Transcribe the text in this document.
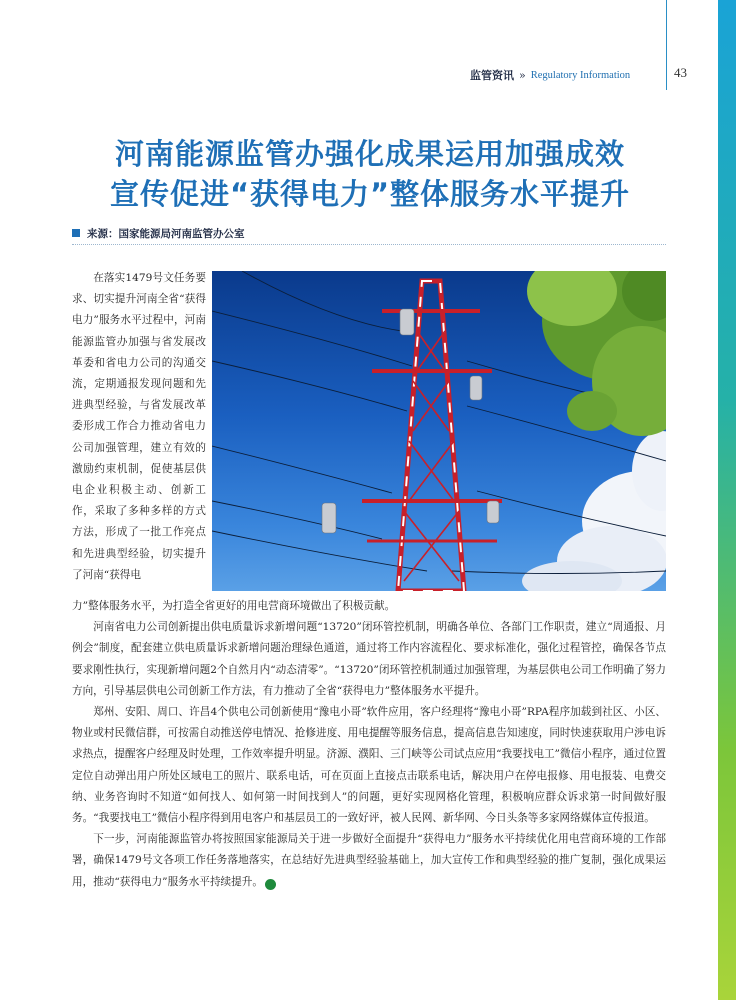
监管资讯 » Regulatory Information	43
河南能源监管办强化成果运用加强成效
宣传促进“获得电力”整体服务水平提升
来源：国家能源局河南监管办公室

在落实1479号文任务要求、切实提升河南全省“获得电力”服务水平过程中，河南能源监管办加强与省发展改革委和省电力公司的沟通交流，定期通报发现问题和先进典型经验，与省发展改革委形成工作合力推动省电力公司加强管理，建立有效的激励约束机制，促使基层供电企业积极主动、创新工作，采取了多种多样的方式方法，形成了一批工作亮点和先进典型经验，切实提升了河南“获得电

力”整体服务水平，为打造全省更好的用电营商环境做出了积极贡献。

河南省电力公司创新提出供电质量诉求新增问题“13720”闭环管控机制，明确各单位、各部门工作职责，建立“周通报、月例会”制度，配套建立供电质量诉求新增问题治理绿色通道，通过将工作内容流程化、要求标准化，强化过程管控，确保各节点要求刚性执行，实现新增问题2个自然月内“动态清零”。“13720”闭环管控机制通过加强管理，为基层供电公司工作明确了努力方向，引导基层供电公司创新工作方法，有力推动了全省“获得电力”整体服务水平提升。

郑州、安阳、周口、许昌4个供电公司创新使用“豫电小哥”软件应用，客户经理将“豫电小哥”RPA程序加载到社区、小区、物业或村民微信群，可按需自动推送停电情况、抢修进度、用电提醒等服务信息，提高信息告知速度，同时快速获取用户涉电诉求热点，提醒客户经理及时处理，工作效率提升明显。济源、濮阳、三门峡等公司试点应用“我要找电工”微信小程序，通过位置定位自动弹出用户所处区域电工的照片、联系电话，可在页面上直接点击联系电话，解决用户在停电报修、用电报装、电费交纳、业务咨询时不知道“如何找人、如何第一时间找到人”的问题，更好实现网格化管理，积极响应群众诉求第一时间做好服务。“我要找电工”微信小程序得到用电客户和基层员工的一致好评，被人民网、新华网、今日头条等多家网络媒体宣传报道。

下一步，河南能源监管办将按照国家能源局关于进一步做好全面提升“获得电力”服务水平持续优化用电营商环境的工作部署，确保1479号文各项工作任务落地落实，在总结好先进典型经验基础上，加大宣传工作和典型经验的推广复制，强化成果运用，推动“获得电力”服务水平持续提升。	电
